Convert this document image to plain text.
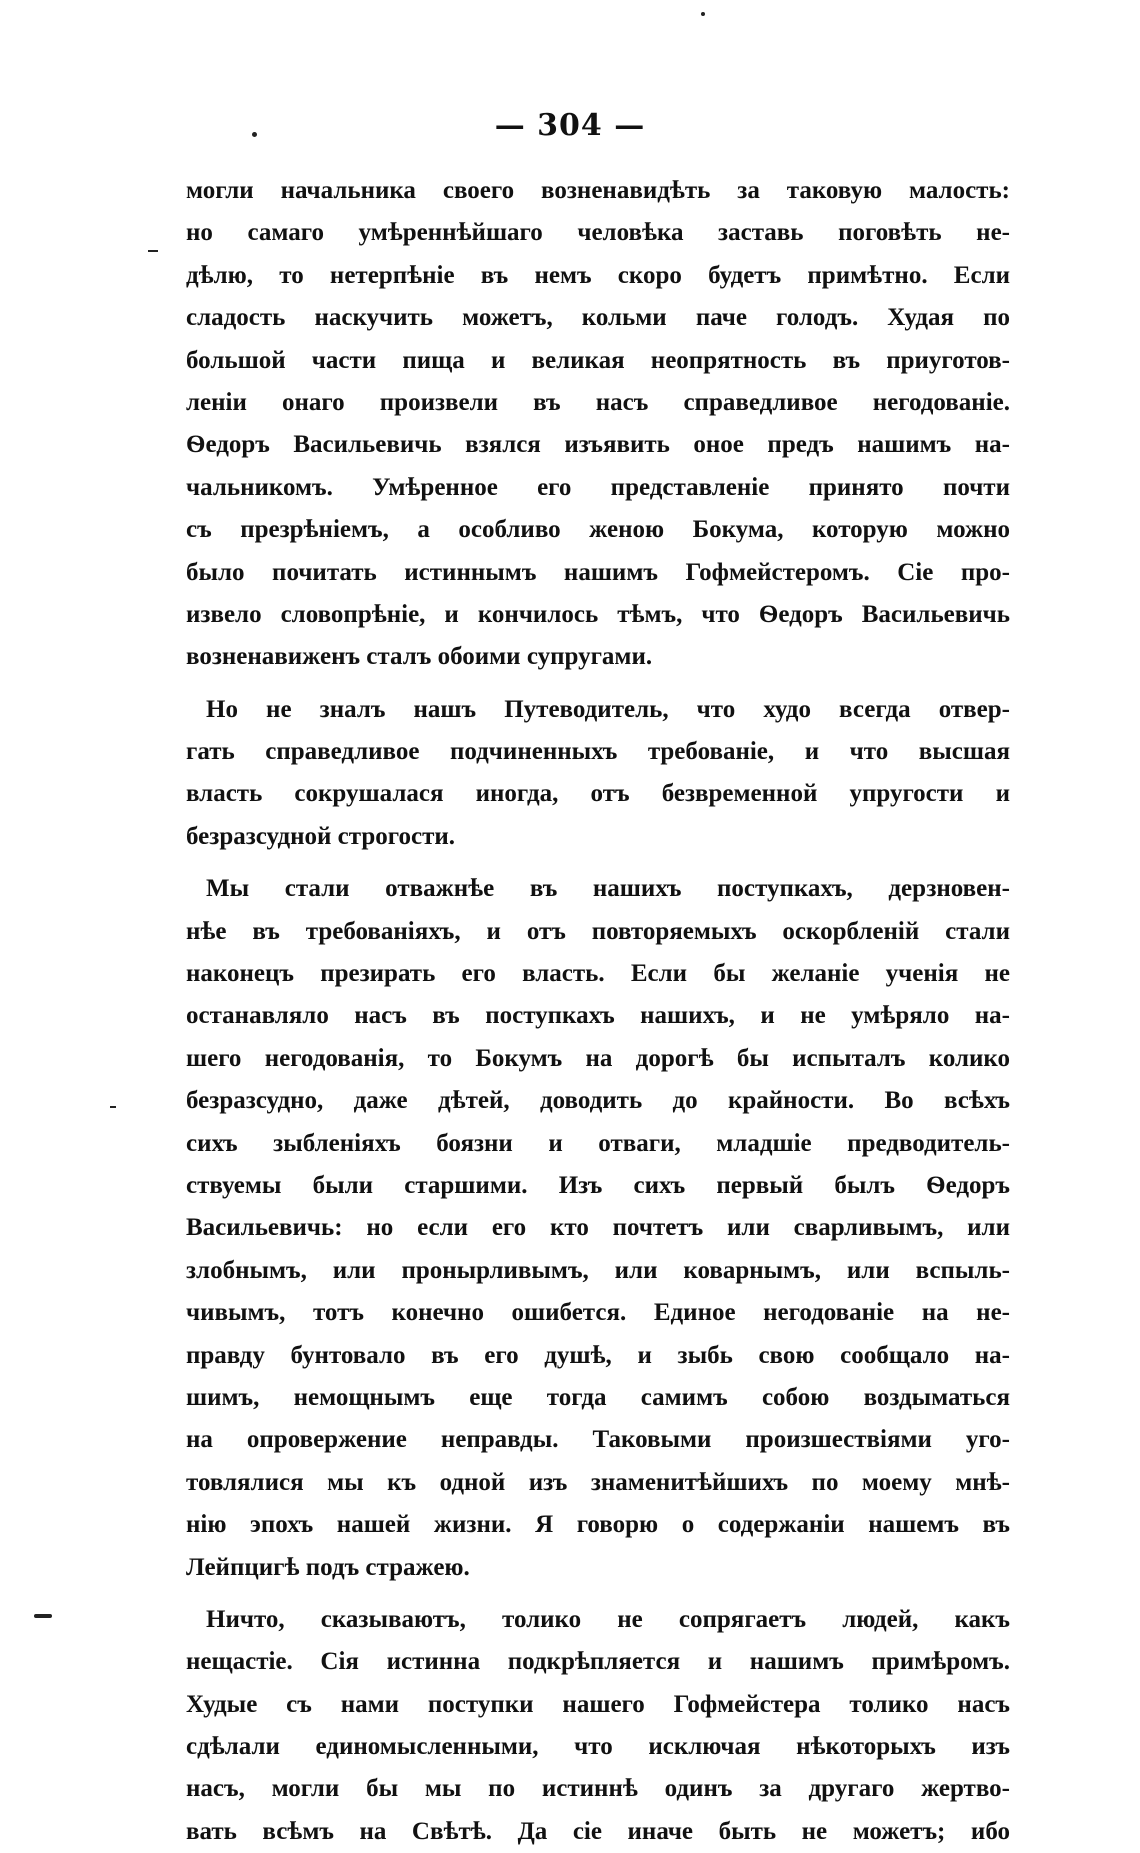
— 304 —
могли начальника своего возненавидѣть за таковую малость:
но самаго умѣреннѣйшаго человѣка заставь поговѣть не-
дѣлю, то нетерпѣніе въ немъ скоро будетъ примѣтно. Если
сладость наскучить можетъ, кольми паче голодъ. Худая по
большой части пища и великая неопрятность въ приуготов-
леніи онаго произвели въ насъ справедливое негодованіе.
Ѳедоръ Васильевичь взялся изъявить оное предъ нашимъ на-
чальникомъ. Умѣренное его представленіе принято почти
съ презрѣніемъ, а особливо женою Бокума, которую можно
было почитать истиннымъ нашимъ Гофмейстеромъ. Сіе про-
извело словопрѣніе, и кончилось тѣмъ, что Ѳедоръ Васильевичь
возненавиженъ сталъ обоими супругами.
Но не зналъ нашъ Путеводитель, что худо всегда отвер-
гать справедливое подчиненныхъ требованіе, и что высшая
власть сокрушалася иногда, отъ безвременной упругости и
безразсудной строгости.
Мы стали отважнѣе въ нашихъ поступкахъ, дерзновен-
нѣе въ требованіяхъ, и отъ повторяемыхъ оскорбленій стали
наконецъ презирать его власть. Если бы желаніе ученія не
останавляло насъ въ поступкахъ нашихъ, и не умѣряло на-
шего негодованія, то Бокумъ на дорогѣ бы испыталъ колико
безразсудно, даже дѣтей, доводить до крайности. Во всѣхъ
сихъ зыбленіяхъ боязни и отваги, младшіе предводитель-
ствуемы были старшими. Изъ сихъ первый былъ Ѳедоръ
Васильевичь: но если его кто почтетъ или сварливымъ, или
злобнымъ, или пронырливымъ, или коварнымъ, или вспыль-
чивымъ, тотъ конечно ошибется. Единое негодованіе на не-
правду бунтовало въ его душѣ, и зыбь свою сообщало на-
шимъ, немощнымъ еще тогда самимъ собою воздыматься
на опровержение неправды. Таковыми произшествіями уго-
товлялися мы къ одной изъ знаменитѣйшихъ по моему мнѣ-
нію эпохъ нашей жизни. Я говорю о содержаніи нашемъ въ
Лейпцигѣ подъ стражею.
Ничто, сказываютъ, толико не сопрягаетъ людей, какъ
нещастіе. Сія истинна подкрѣпляется и нашимъ примѣромъ.
Худые съ нами поступки нашего Гофмейстера толико насъ
сдѣлали единомысленными, что исключая нѣкоторыхъ изъ
насъ, могли бы мы по истиннѣ одинъ за другаго жертво-
вать всѣмъ на Свѣтѣ. Да сіе иначе быть не можетъ; ибо
